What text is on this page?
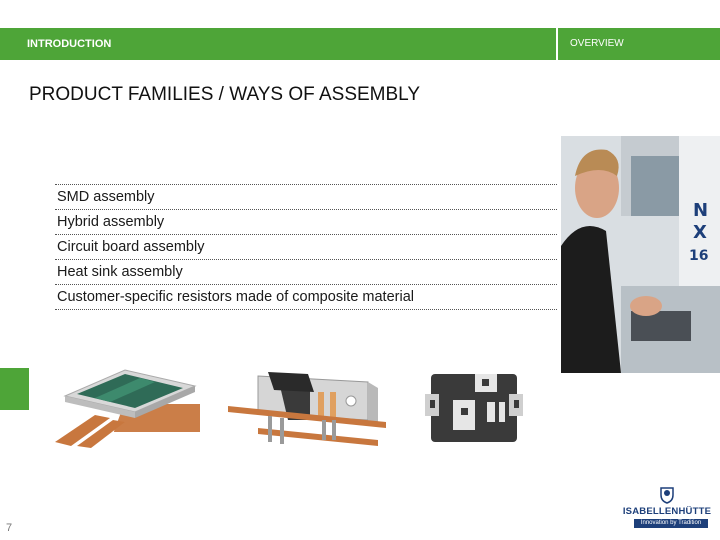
INTRODUCTION	OVERVIEW
PRODUCT FAMILIES / WAYS OF ASSEMBLY
SMD assembly
Hybrid assembly
Circuit board assembly
Heat sink assembly
Customer-specific resistors made of composite material
N
X
16
7
ISABELLENHÜTTE
Innovation by Tradition
